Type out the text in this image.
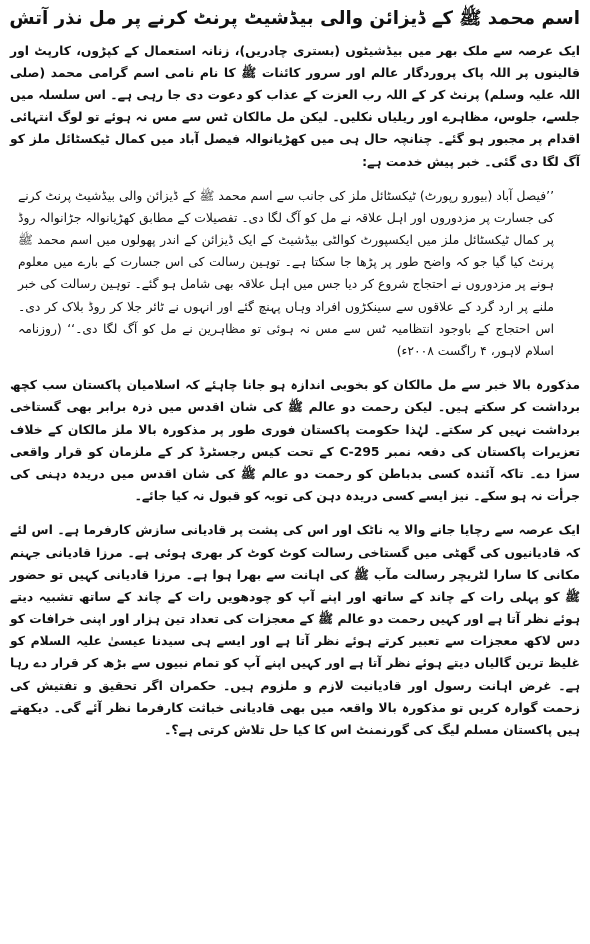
اسم محمد ﷺ کے ڈیزائن والی بیڈشیٹ پرنٹ کرنے پر مل نذر آتش

ایک عرصہ سے ملک بھر میں بیڈشیٹوں (بستری چادریں)، زنانہ استعمال کے کپڑوں، کارپٹ اور قالینوں پر اللہ پاک پروردگار عالم اور سرور کائنات ﷺ کا نام نامی اسم گرامی محمد (صلی اللہ علیہ وسلم) پرنٹ کر کے اللہ رب العزت کے عذاب کو دعوت دی جا رہی ہے۔ اس سلسلہ میں جلسے، جلوس، مظاہرے اور ریلیاں نکلیں۔ لیکن مل مالکان ٹس سے مس نہ ہوئے تو لوگ انتہائی اقدام پر مجبور ہو گئے۔ چنانچہ حال ہی میں کھڑیانوالہ فیصل آباد میں کمال ٹیکسٹائل ملز کو آگ لگا دی گئی۔ خبر پیش خدمت ہے:

’’فیصل آباد (بیورو رپورٹ) ٹیکسٹائل ملز کی جانب سے اسم محمد ﷺ کے ڈیزائن والی بیڈشیٹ پرنٹ کرنے کی جسارت پر مزدوروں اور اہل علاقہ نے مل کو آگ لگا دی۔ تفصیلات کے مطابق کھڑیانوالہ جڑانوالہ روڈ پر کمال ٹیکسٹائل ملز میں ایکسپورٹ کوالٹی بیڈشیٹ کے ایک ڈیزائن کے اندر پھولوں میں اسم محمد ﷺ پرنٹ کیا گیا جو کہ واضح طور پر پڑھا جا سکتا ہے۔ توہین رسالت کی اس جسارت کے بارے میں معلوم ہونے پر مزدوروں نے احتجاج شروع کر دیا جس میں اہل علاقہ بھی شامل ہو گئے۔ توہین رسالت کی خبر ملنے پر ارد گرد کے علاقوں سے سینکڑوں افراد وہاں پہنچ گئے اور انہوں نے ٹائر جلا کر روڈ بلاک کر دی۔ اس احتجاج کے باوجود انتظامیہ ٹس سے مس نہ ہوئی تو مظاہرین نے مل کو آگ لگا دی۔‘‘ (روزنامہ اسلام لاہور، ۴ راگست ۲۰۰۸ء)

مذکورہ بالا خبر سے مل مالکان کو بخوبی اندازہ ہو جانا چاہئے کہ اسلامیان پاکستان سب کچھ برداشت کر سکتے ہیں۔ لیکن رحمت دو عالم ﷺ کی شان اقدس میں ذرہ برابر بھی گستاخی برداشت نہیں کر سکتے۔ لہٰذا حکومت پاکستان فوری طور پر مذکورہ بالا ملز مالکان کے خلاف تعزیرات پاکستان کی دفعہ نمبر 295-C کے تحت کیس رجسٹرڈ کر کے ملزمان کو قرار واقعی سزا دے۔ تاکہ آئندہ کسی بدباطن کو رحمت دو عالم ﷺ کی شان اقدس میں دریدہ دہنی کی جرأت نہ ہو سکے۔ نیز ایسے کسی دریدہ دہن کی توبہ کو قبول نہ کیا جائے۔

ایک عرصہ سے رچایا جانے والا یہ ناٹک اور اس کی پشت پر قادیانی سازش کارفرما ہے۔ اس لئے کہ قادیانیوں کی گھٹی میں گستاخی رسالت کوٹ کوٹ کر بھری ہوئی ہے۔ مرزا قادیانی جہنم مکانی کا سارا لٹریچر رسالت مآب ﷺ کی اہانت سے بھرا ہوا ہے۔ مرزا قادیانی کہیں تو حضور ﷺ کو پہلی رات کے چاند کے ساتھ اور اپنے آپ کو چودھویں رات کے چاند کے ساتھ تشبیہ دیتے ہوئے نظر آتا ہے اور کہیں رحمت دو عالم ﷺ کے معجزات کی تعداد تین ہزار اور اپنی خرافات کو دس لاکھ معجزات سے تعبیر کرتے ہوئے نظر آتا ہے اور ایسے ہی سیدنا عیسیٰ علیہ السلام کو غلیظ ترین گالیاں دیتے ہوئے نظر آتا ہے اور کہیں اپنے آپ کو تمام نبیوں سے بڑھ کر قرار دے رہا ہے۔ غرض اہانت رسول اور قادیانیت لازم و ملزوم ہیں۔ حکمران اگر تحقیق و تفتیش کی زحمت گوارہ کریں تو مذکورہ بالا واقعہ میں بھی قادیانی خباثت کارفرما نظر آئے گی۔ دیکھتے ہیں پاکستان مسلم لیگ کی گورنمنٹ اس کا کیا حل تلاش کرتی ہے؟۔
